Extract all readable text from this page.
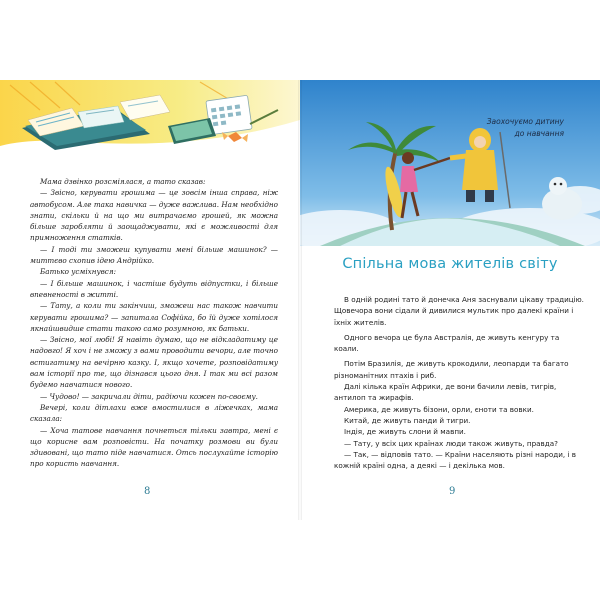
Мама дзвінко розсміялася, а тато сказав:

— Звісно, керувати грошима — це зовсім інша справа, ніж автобусом. Але така навичка — дуже важлива. Нам необхідно знати, скільки й на що ми витрачаємо грошей, як можна більше заробляти й заощаджувати, які є можливості для примноження статків.

— І тоді ти зможеш купувати мені більше машинок? — миттєво схопив ідею Андрійко.

Батько усміхнувся:

— І більше машинок, і частіше будуть відпустки, і більше впевненості в житті.

— Тату, а коли ти закінчиш, зможеш нас також навчити керувати грошима? — запитала Софійка, бо їй дуже хотілося якнайшвидше стати такою само розумною, як батьки.

— Звісно, мої любі! Я навіть думаю, що не відкладатиму це надовго! Я хоч і не зможу з вами проводити вечори, але точно встигатиму на вечірню казку. І, якщо хочете, розповідатиму вам історії про те, що дізнався цього дня. І так ми всі разом будемо навчатися нового.

— Чудово! — закричали діти, радіючи кожен по-своєму.

Вечері, коли дітлахи вже вмостилися в ліжечках, мама сказала:

— Хоча татове навчання почнеться тільки завтра, мені є що корисне вам розповісти. На початку розмови ви були здивовані, що тато піде навчатися. Отсь послухайте історію про користь навчання.

8
Заохочуємо дитину
до навчання
Спільна мова жителів світу

В одній родині тато й донечка Аня заснували цікаву традицію. Щовечора вони сідали й дивилися мультик про далекі країни і їхніх жителів.

Одного вечора це була Австралія, де живуть кенгуру та коали.

Потім Бразилія, де живуть крокодили, леопарди та багато різноманітних птахів і риб.

Далі кілька країн Африки, де вони бачили левів, тигрів, антилоп та жирафів.

Америка, де живуть бізони, орли, єноти та вовки.

Китай, де живуть панди й тигри.

Індія, де живуть слони й мавпи.

— Тату, у всіх цих країнах люди також живуть, правда?

— Так, — відповів тато. — Країни населяють різні народи, і в кожній країні одна, а деякі — і декілька мов.

9
